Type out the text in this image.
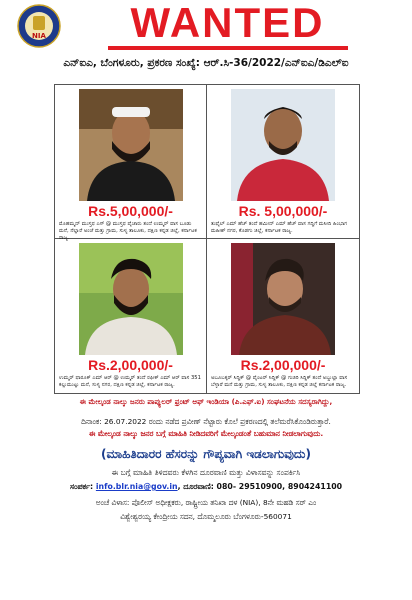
NIA	WANTED
ಎನ್ಐಎ, ಬೆಂಗಳೂರು, ಪ್ರಕರಣ ಸಂಖ್ಯೆ: ಆರ್.ಸಿ-36/2022/ಎನ್ಐಎ/ಡಿಎಲ್ಐ
Rs.5,00,000/-
ಮೊಹಮ್ಮದ್ ಮುಸ್ತಫ ಎಸ್ @ ಮುಸ್ತಫ ಪೈಚಾರು ತಂದೆ ಉಮ್ಮರ್ ವಾಸ ಬೂಡು ಮನೆ, ನೆಲ್ಲಾರೆ ಅಂಚೆ ಮತ್ತು ಗ್ರಾಮ, ಸುಳ್ಯ ತಾಲೂಕು, ದಕ್ಷಿಣ ಕನ್ನಡ ಜಿಲ್ಲೆ, ಕರ್ನಾಟಕ ರಾಜ್ಯ.
Rs. 5,00,000/-
ತುಫೈಲ್ ಎಮ್ ಹೆಚ್ ತಂದೆ ಹಮೀದ್ ಎಮ್ ಹೆಚ್ ವಾಸ ಗದ್ದಿಗೆ ಮಸೀದಿ ಹಿಂಭಾಗ ಮಹೀಶ್ ನಗರ, ಕೊಡಗು ಜಿಲ್ಲೆ, ಕರ್ನಾಟಕ ರಾಜ್ಯ.
Rs.2,00,000/-
ಉಮ್ಮರ್ ಫಾರೂಕ್ ಎಮ್ ಆರ್ @ ಉಮ್ಮರ್ ತಂದೆ ರಫೀಕ್ ಎಮ್ ಆರ್ ವಾಸ 351 ಕಲ್ಲುಮುಟ್ಲು ಮನೆ, ಸುಳ್ಯ ನಗರ, ದಕ್ಷಿಣ ಕನ್ನಡ ಜಿಲ್ಲೆ, ಕರ್ನಾಟಕ ರಾಜ್ಯ.
Rs.2,00,000/-
ಅಬೂಬಕ್ಕರ್ ಸಿದ್ದಿಕ್ @ ಪೈಂಟರ್ ಸಿದ್ದಿಕ್ @ ಗುಜಿರಿ ಸಿದ್ದಿಕ್ ತಂದೆ ಅಬ್ದುಲ್ಲಾ ವಾಸ ಬೆಳ್ಳಾರೆ ಮನೆ ಮತ್ತು ಗ್ರಾಮ, ಸುಳ್ಯ ತಾಲೂಕು, ದಕ್ಷಿಣ ಕನ್ನಡ ಜಿಲ್ಲೆ ಕರ್ನಾಟಕ ರಾಜ್ಯ.
ಈ ಮೇಲ್ಕಂಡ ನಾಲ್ಕು ಜನರು ಪಾಪ್ಯುಲರ್ ಫ್ರಂಟ್ ಆಫ್ ಇಂಡಿಯಾ (ಪಿ.ಎಫ್.ಐ) ಸಂಘಟನೆಯ ಸದಸ್ಯರಾಗಿದ್ದು,
ದಿನಾಂಕ: 26.07.2022 ರಂದು ನಡೆದ ಪ್ರವೀಣ್ ನೆಟ್ಟಾರು ಕೊಲೆ ಪ್ರಕರಣದಲ್ಲಿ ತಲೆಮರೆಸಿಕೊಂಡಿರುತ್ತಾರೆ.
ಈ ಮೇಲ್ಕಂಡ ನಾಲ್ಕು ಜನರ ಬಗ್ಗೆ ಮಾಹಿತಿ ನೀಡಿದವರಿಗೆ ಮೇಲ್ಕಂಡಂತೆ ಬಹುಮಾನ ನೀಡಲಾಗುವುದು.
(ಮಾಹಿತಿದಾರರ ಹೆಸರನ್ನು ಗೌಪ್ಯವಾಗಿ ಇಡಲಾಗುವುದು)
ಈ ಬಗ್ಗೆ ಮಾಹಿತಿ ತಿಳಿದವರು ಕೆಳಗಿನ ದೂರವಾಣಿ ಮತ್ತು ವಿಳಾಸವನ್ನು ಸಂಪರ್ಕಿಸಿ
ಸಂಪರ್ಕ: info.blr.nia@gov.in, ದೂರವಾಣಿ: 080- 29510900, 8904241100
ಅಂಚೆ ವಿಳಾಸ: ಪೊಲೀಸ್ ಅಧೀಕ್ಷಕರು, ರಾಷ್ಟ್ರೀಯ ತನಿಖಾ ದಳ (NIA), 8ನೇ ಮಹಡಿ ಸರ್ ಎಂ
ವಿಶ್ವೇಶ್ವರಯ್ಯ ಕೇಂದ್ರೀಯ ಸದನ, ದೊಮ್ಮಲೂರು ಬೆಂಗಳೂರು-560071
